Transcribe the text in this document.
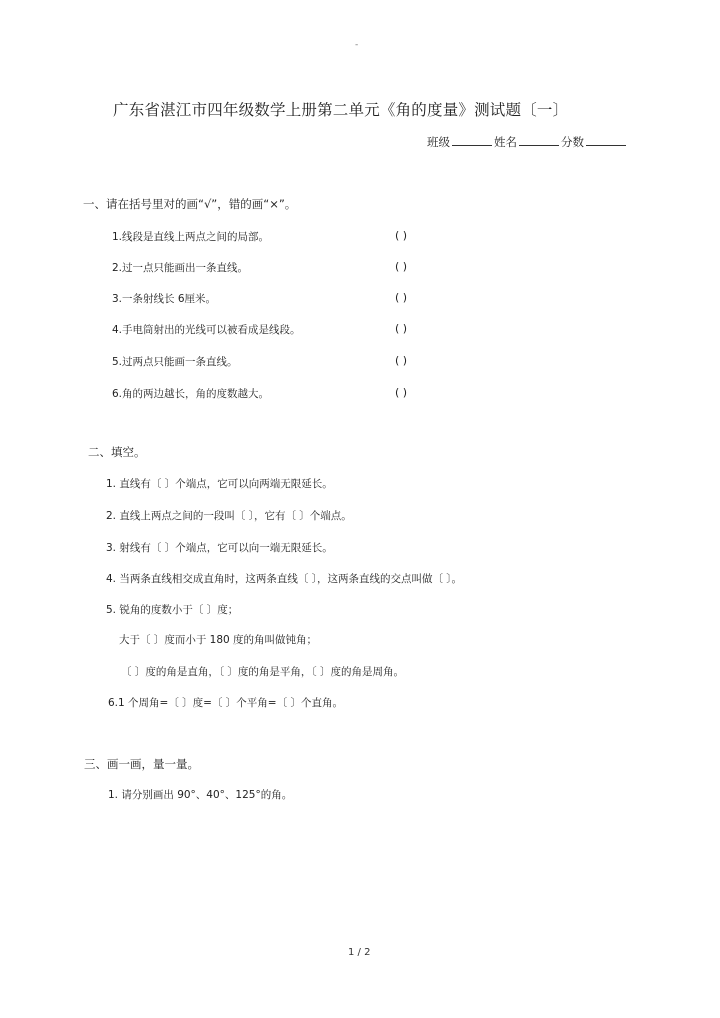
-
广东省湛江市四年级数学上册第二单元《角的度量》测试题〔一〕
班级	姓名	分数
一、请在括号里对的画“√”，错的画“×”。
1.线段是直线上两点之间的局部。	( )
2.过一点只能画出一条直线。	( )
3.一条射线长 6厘米。	( )
4.手电筒射出的光线可以被看成是线段。	( )
5.过两点只能画一条直线。	( )
6.角的两边越长，角的度数越大。	( )
二、填空。
1. 直线有〔 〕个端点，它可以向两端无限延长。
2. 直线上两点之间的一段叫〔 〕，它有〔 〕个端点。
3. 射线有〔 〕个端点，它可以向一端无限延长。
4. 当两条直线相交成直角时，这两条直线〔 〕，这两条直线的交点叫做〔 〕。
5. 锐角的度数小于〔 〕度；
大于〔 〕度而小于 180 度的角叫做钝角；
〔 〕度的角是直角，〔 〕度的角是平角，〔 〕度的角是周角。
6.1 个周角=〔 〕度=〔 〕个平角=〔 〕个直角。
三、画一画，量一量。
1. 请分别画出 90°、40°、125°的角。
1 / 2
